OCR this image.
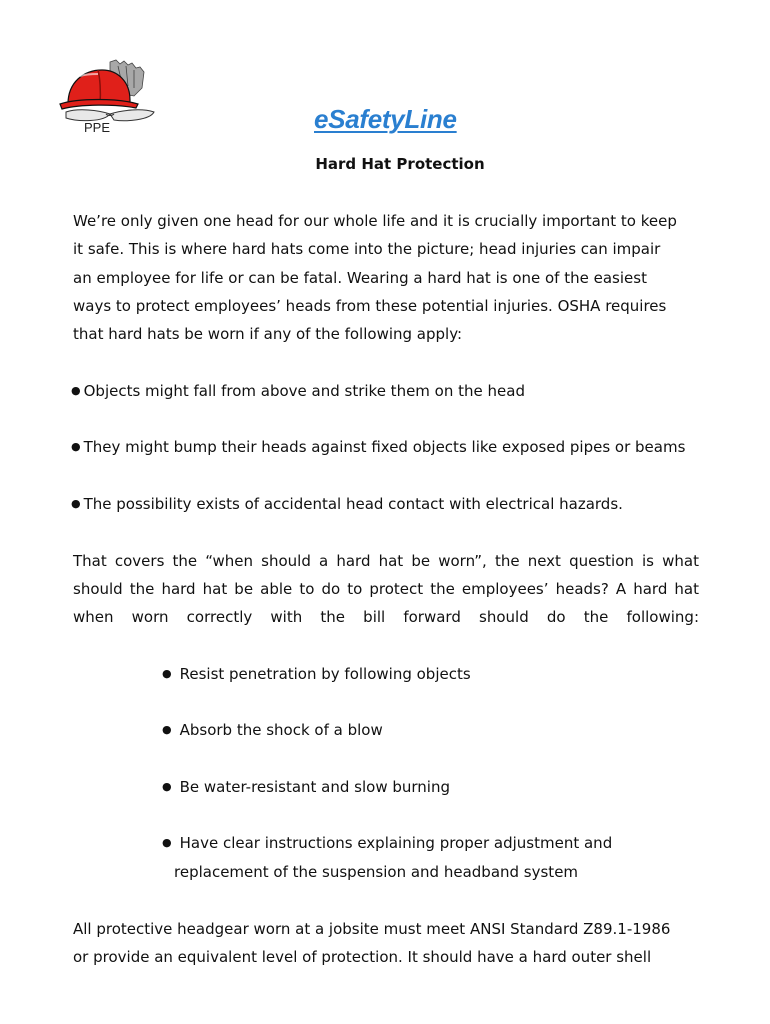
PPE	eSafetyLine
Hard Hat Protection

We’re only given one head for our whole life and it is crucially important to keep

it safe. This is where hard hats come into the picture; head injuries can impair

an employee for life or can be fatal. Wearing a hard hat is one of the easiest

ways to protect employees’ heads from these potential injuries. OSHA requires

that hard hats be worn if any of the following apply:

● Objects might fall from above and strike them on the head
● They might bump their heads against fixed objects like exposed pipes or beams
● The possibility exists of accidental head contact with electrical hazards.

That covers the “when should a hard hat be worn”, the next question is what

should the hard hat be able to do to protect the employees’ heads? A hard hat

when worn correctly with the bill forward should do the following:

● Resist penetration by following objects
● Absorb the shock of a blow
● Be water-resistant and slow burning
● Have clear instructions explaining proper adjustment and
replacement of the suspension and headband system

All protective headgear worn at a jobsite must meet ANSI Standard Z89.1-1986

or provide an equivalent level of protection. It should have a hard outer shell
